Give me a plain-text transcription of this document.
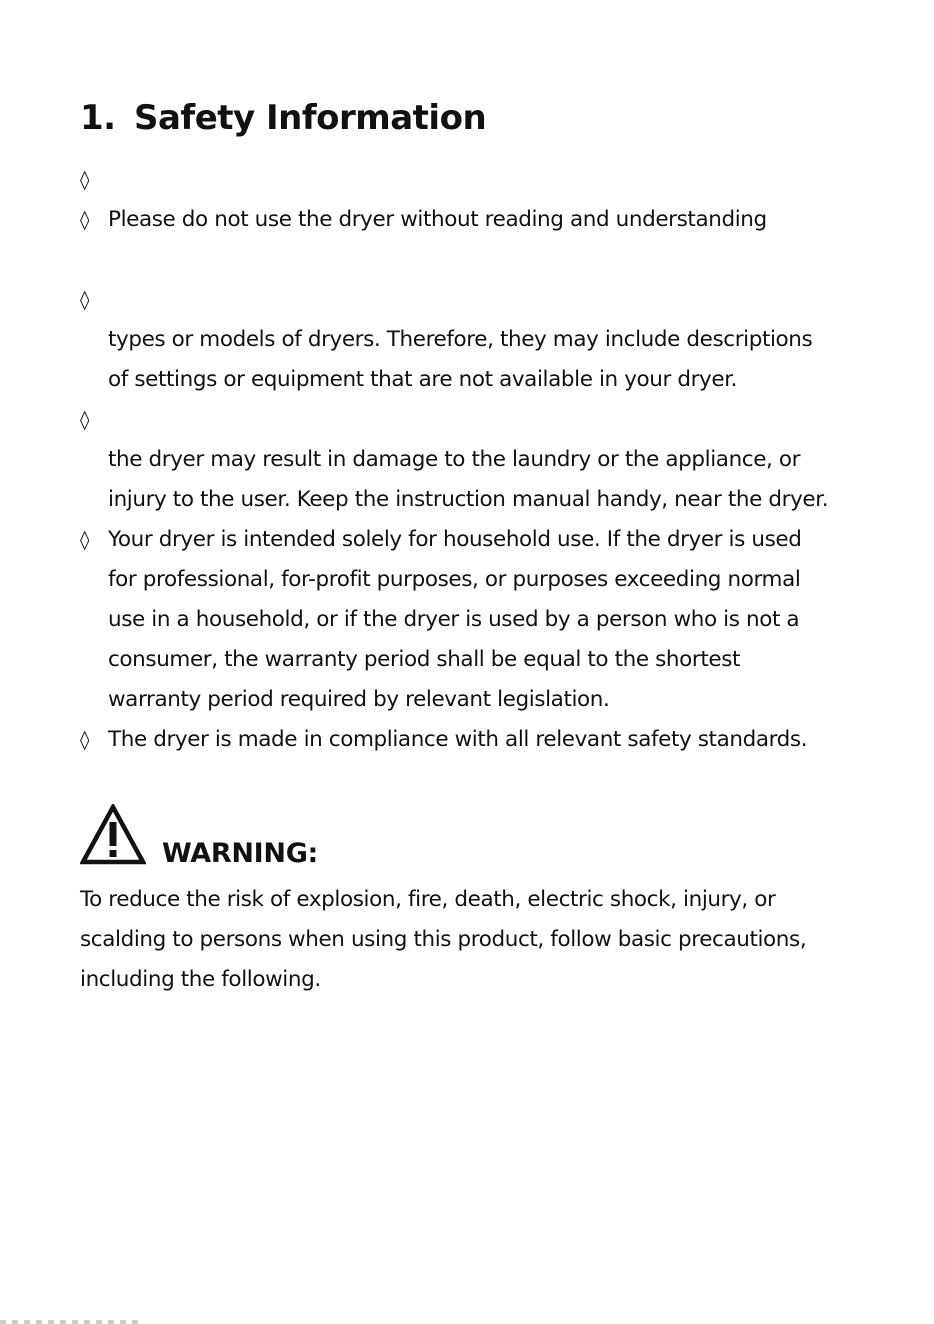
1. Safety Information
◊
◊ Please do not use the dryer without reading and understanding
◊
types or models of dryers. Therefore, they may include descriptions
of settings or equipment that are not available in your dryer.
◊
the dryer may result in damage to the laundry or the appliance, or
injury to the user. Keep the instruction manual handy, near the dryer.
◊ Your dryer is intended solely for household use. If the dryer is used
for professional, for-profit purposes, or purposes exceeding normal
use in a household, or if the dryer is used by a person who is not a
consumer, the warranty period shall be equal to the shortest
warranty period required by relevant legislation.
◊ The dryer is made in compliance with all relevant safety standards.
WARNING:

To reduce the risk of explosion, fire, death, electric shock, injury, or
scalding to persons when using this product, follow basic precautions,
including the following.
